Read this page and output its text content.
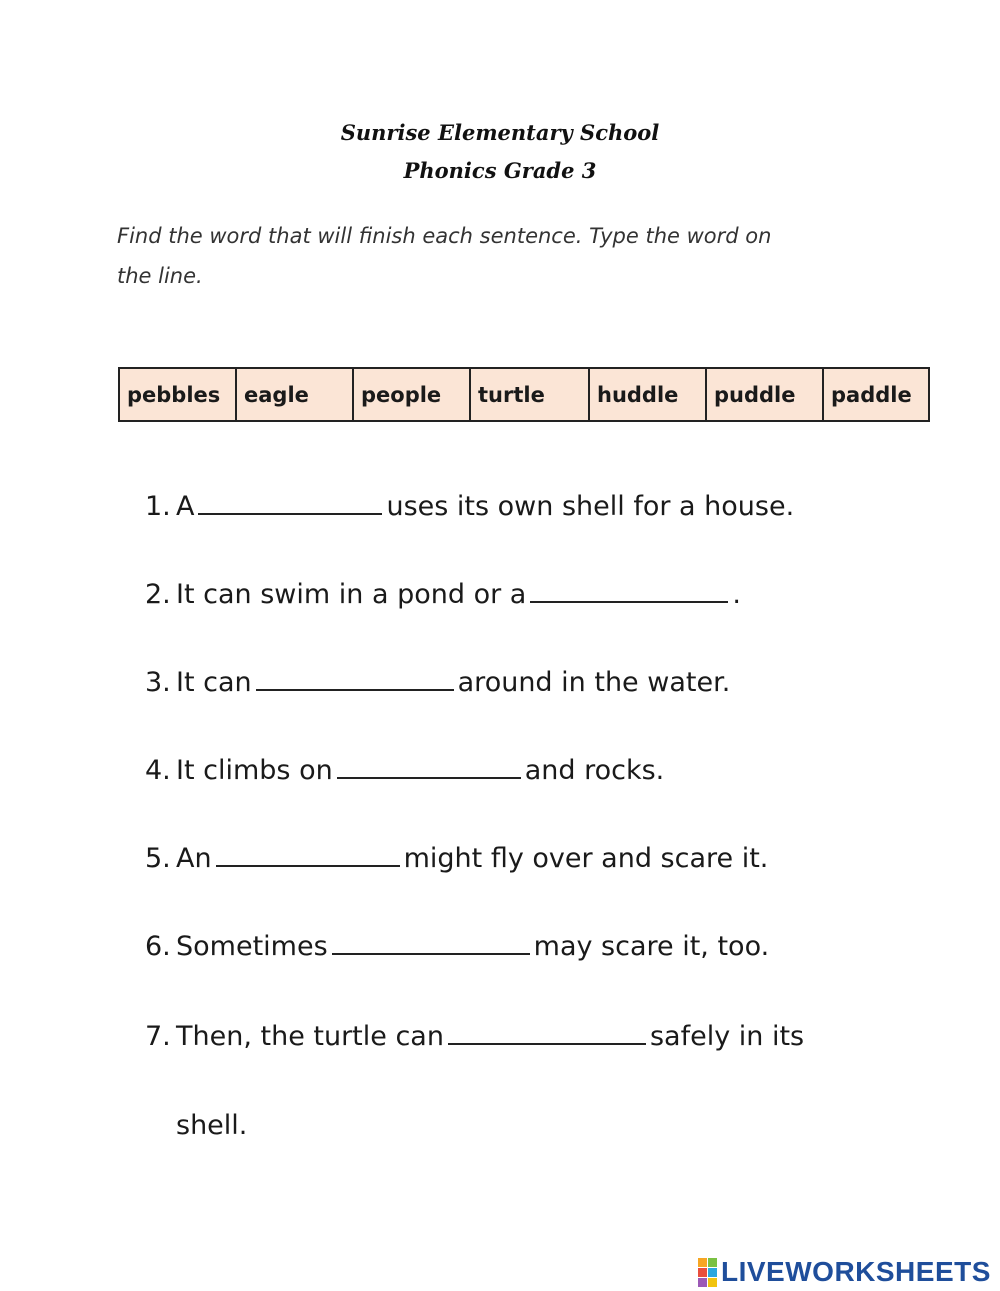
Sunrise Elementary School
Phonics Grade 3
Find the word that will finish each sentence. Type the word on
the line.
pebbles	eagle	people	turtle	huddle	puddle	paddle
1. A	uses its own shell for a house.
2. It can swim in a pond or a	.
3. It can	around in the water.
4. It climbs on	and rocks.
5. An	might fly over and scare it.
6. Sometimes	may scare it, too.
7. Then, the turtle can	safely in its
shell.
LIVEWORKSHEETS
